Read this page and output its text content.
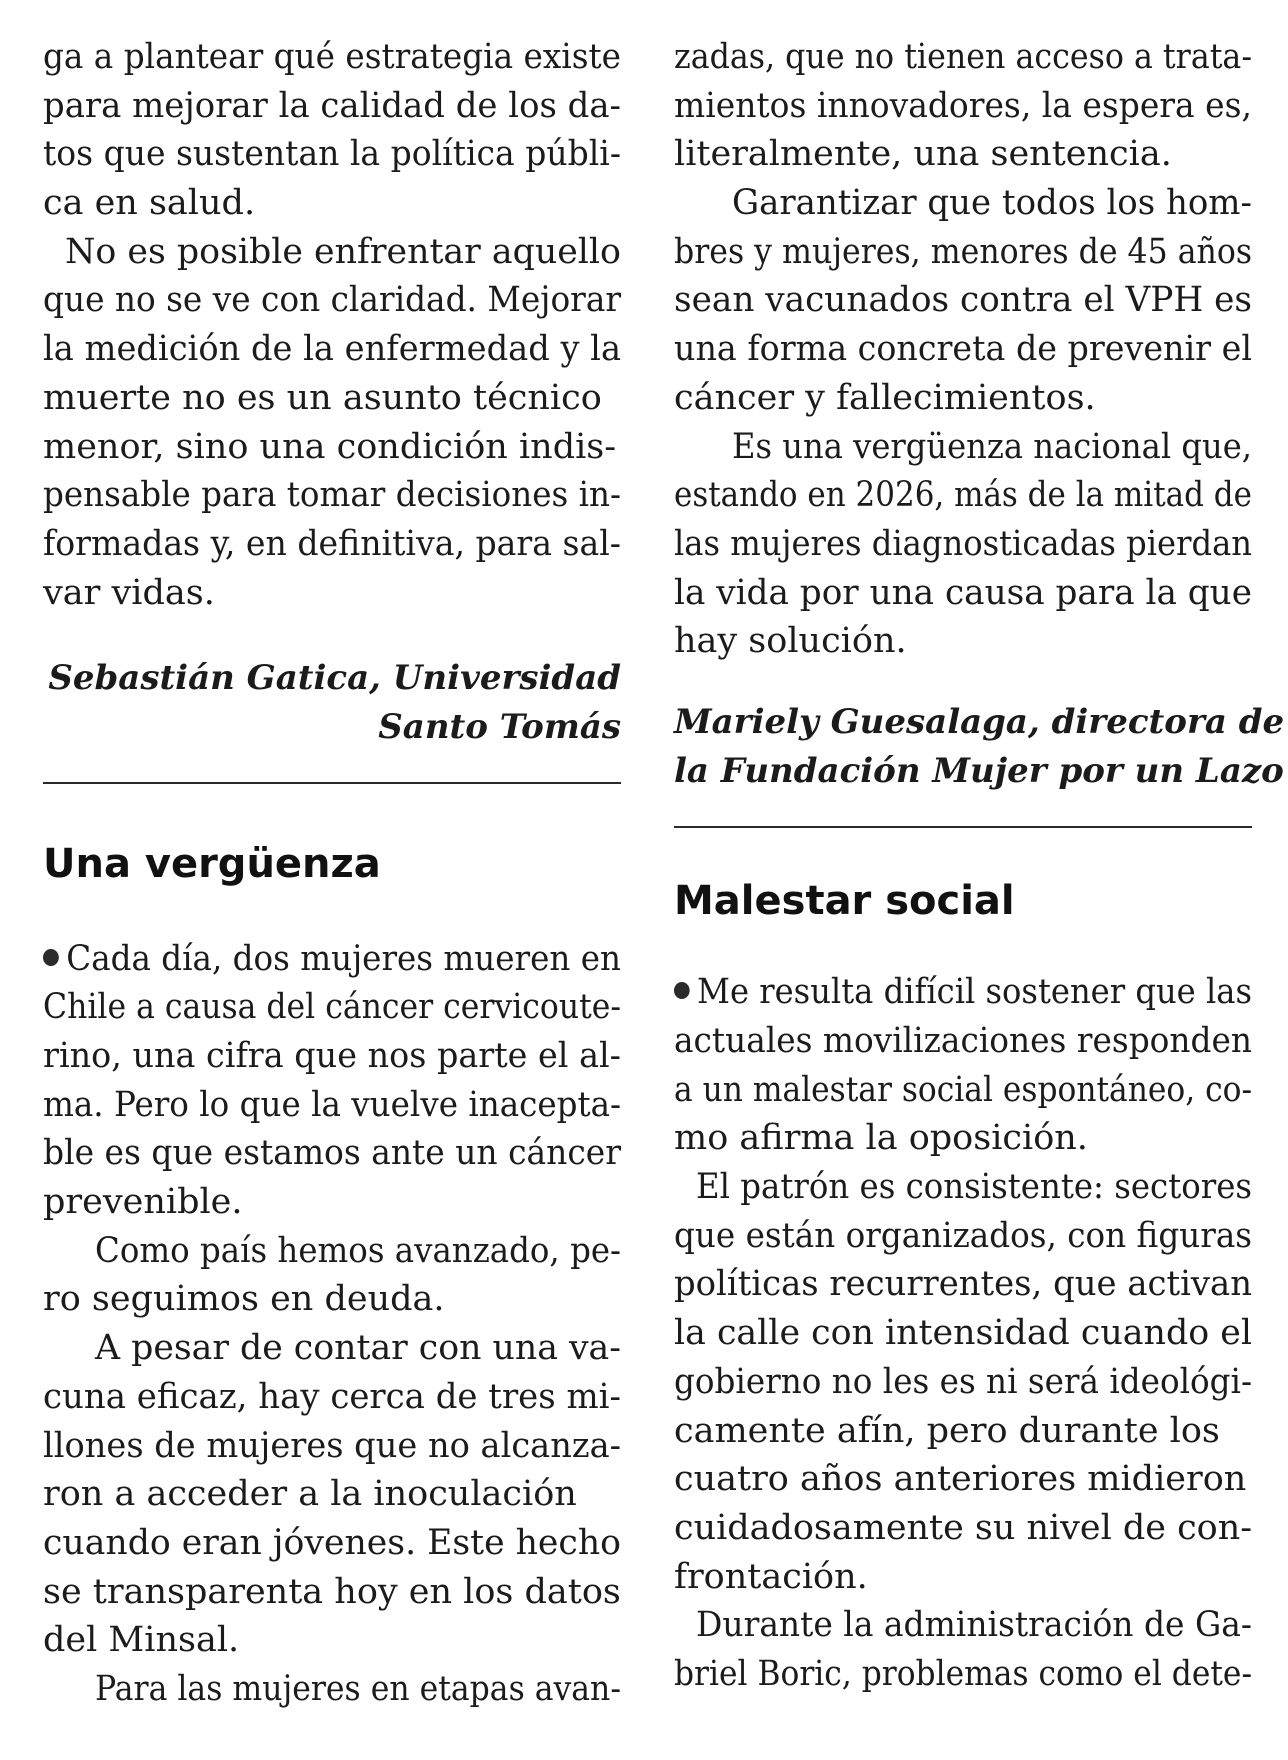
ga a plantear qué estrategia existe
para mejorar la calidad de los da-
tos que sustentan la política públi-
ca en salud.
No es posible enfrentar aquello
que no se ve con claridad. Mejorar
la medición de la enfermedad y la
muerte no es un asunto técnico
menor, sino una condición indis-
pensable para tomar decisiones in-
formadas y, en definitiva, para sal-
var vidas.
Sebastián Gatica, Universidad
Santo Tomás
Una vergüenza
Cada día, dos mujeres mueren en
Chile a causa del cáncer cervicoute-
rino, una cifra que nos parte el al-
ma. Pero lo que la vuelve inacepta-
ble es que estamos ante un cáncer
prevenible.
Como país hemos avanzado, pe-
ro seguimos en deuda.
A pesar de contar con una va-
cuna eficaz, hay cerca de tres mi-
llones de mujeres que no alcanza-
ron a acceder a la inoculación
cuando eran jóvenes. Este hecho
se transparenta hoy en los datos
del Minsal.
Para las mujeres en etapas avan-
zadas, que no tienen acceso a trata-
mientos innovadores, la espera es,
literalmente, una sentencia.
Garantizar que todos los hom-
bres y mujeres, menores de 45 años
sean vacunados contra el VPH es
una forma concreta de prevenir el
cáncer y fallecimientos.
Es una vergüenza nacional que,
estando en 2026, más de la mitad de
las mujeres diagnosticadas pierdan
la vida por una causa para la que
hay solución.
Mariely Guesalaga, directora de
la Fundación Mujer por un Lazo
Malestar social
Me resulta difícil sostener que las
actuales movilizaciones responden
a un malestar social espontáneo, co-
mo afirma la oposición.
El patrón es consistente: sectores
que están organizados, con figuras
políticas recurrentes, que activan
la calle con intensidad cuando el
gobierno no les es ni será ideológi-
camente afín, pero durante los
cuatro años anteriores midieron
cuidadosamente su nivel de con-
frontación.
Durante la administración de Ga-
briel Boric, problemas como el dete-
